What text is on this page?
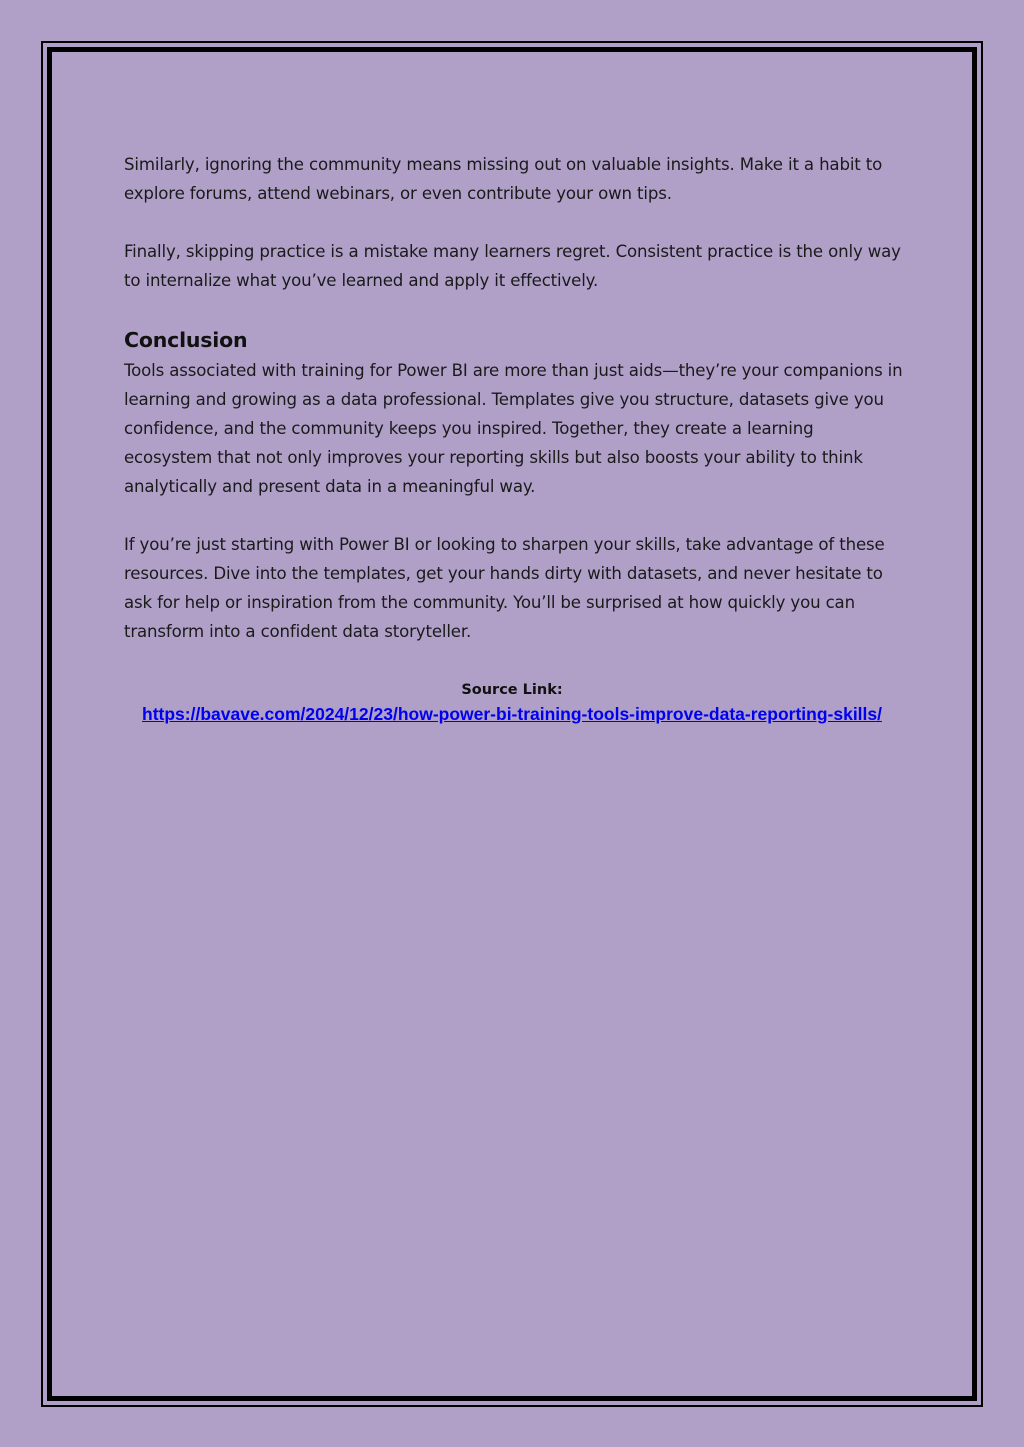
Similarly, ignoring the community means missing out on valuable insights. Make it a habit to explore forums, attend webinars, or even contribute your own tips.

Finally, skipping practice is a mistake many learners regret. Consistent practice is the only way to internalize what you’ve learned and apply it effectively.

Conclusion

Tools associated with training for Power BI are more than just aids—they’re your companions in learning and growing as a data professional. Templates give you structure, datasets give you confidence, and the community keeps you inspired. Together, they create a learning ecosystem that not only improves your reporting skills but also boosts your ability to think analytically and present data in a meaningful way.

If you’re just starting with Power BI or looking to sharpen your skills, take advantage of these resources. Dive into the templates, get your hands dirty with datasets, and never hesitate to ask for help or inspiration from the community. You’ll be surprised at how quickly you can transform into a confident data storyteller.

Source Link:
https://bavave.com/2024/12/23/how-power-bi-training-tools-improve-data-reporting-skills/
